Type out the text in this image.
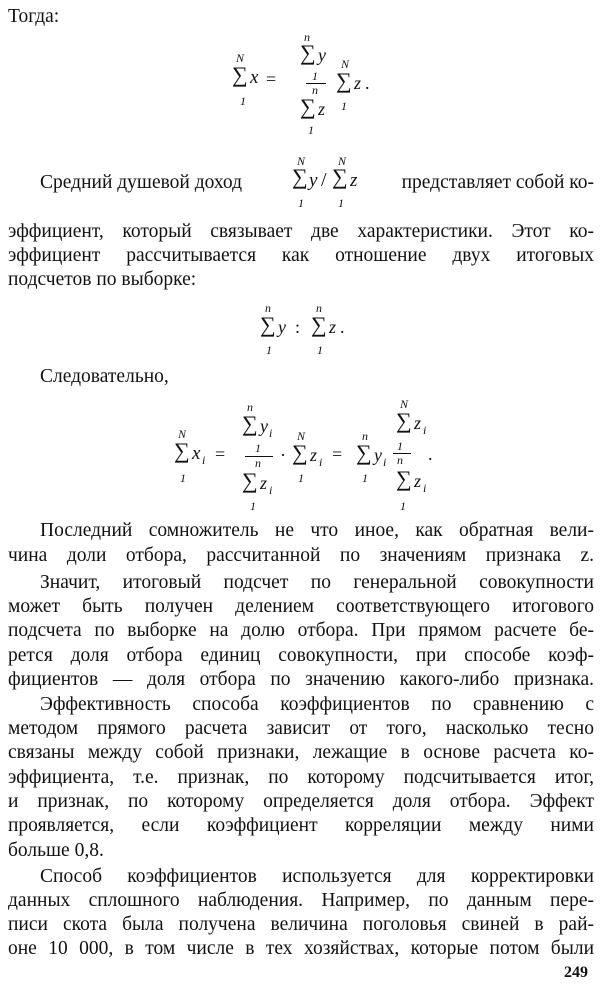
Тогда:
N
∑ x
1
=
n
∑ y
1
n
∑ z
1
N
∑ z .
1
Средний душевой доход
N
∑ y
1
/
N
∑ z
1
представляет собой ко-
эффициент, который связывает две характеристики. Этот ко-
эффициент рассчитывается как отношение двух итоговых
подсчетов по выборке:
n
∑ y
1
:
n
∑ z .
1
Следовательно,
N
∑ x i
1
=
n
∑ y i
1
n
∑ z i
1
·
N
∑ z i
1
=
n
∑ y i
1
1
n
N
∑ z i
.
∑ z i
1
Последний сомножитель не что иное, как обратная вели-
чина доли отбора, рассчитанной по значениям признака z.
Значит, итоговый подсчет по генеральной совокупности
может быть получен делением соответствующего итогового
подсчета по выборке на долю отбора. При прямом расчете бе-
рется доля отбора единиц совокупности, при способе коэф-
фициентов — доля отбора по значению какого-либо признака.
Эффективность способа коэффициентов по сравнению с
методом прямого расчета зависит от того, насколько тесно
связаны между собой признаки, лежащие в основе расчета ко-
эффициента, т.е. признак, по которому подсчитывается итог,
и признак, по которому определяется доля отбора. Эффект
проявляется, если коэффициент корреляции между ними
больше 0,8.
Способ коэффициентов используется для корректировки
данных сплошного наблюдения. Например, по данным пере-
писи скота была получена величина поголовья свиней в рай-
оне 10 000, в том числе в тех хозяйствах, которые потом были
249
